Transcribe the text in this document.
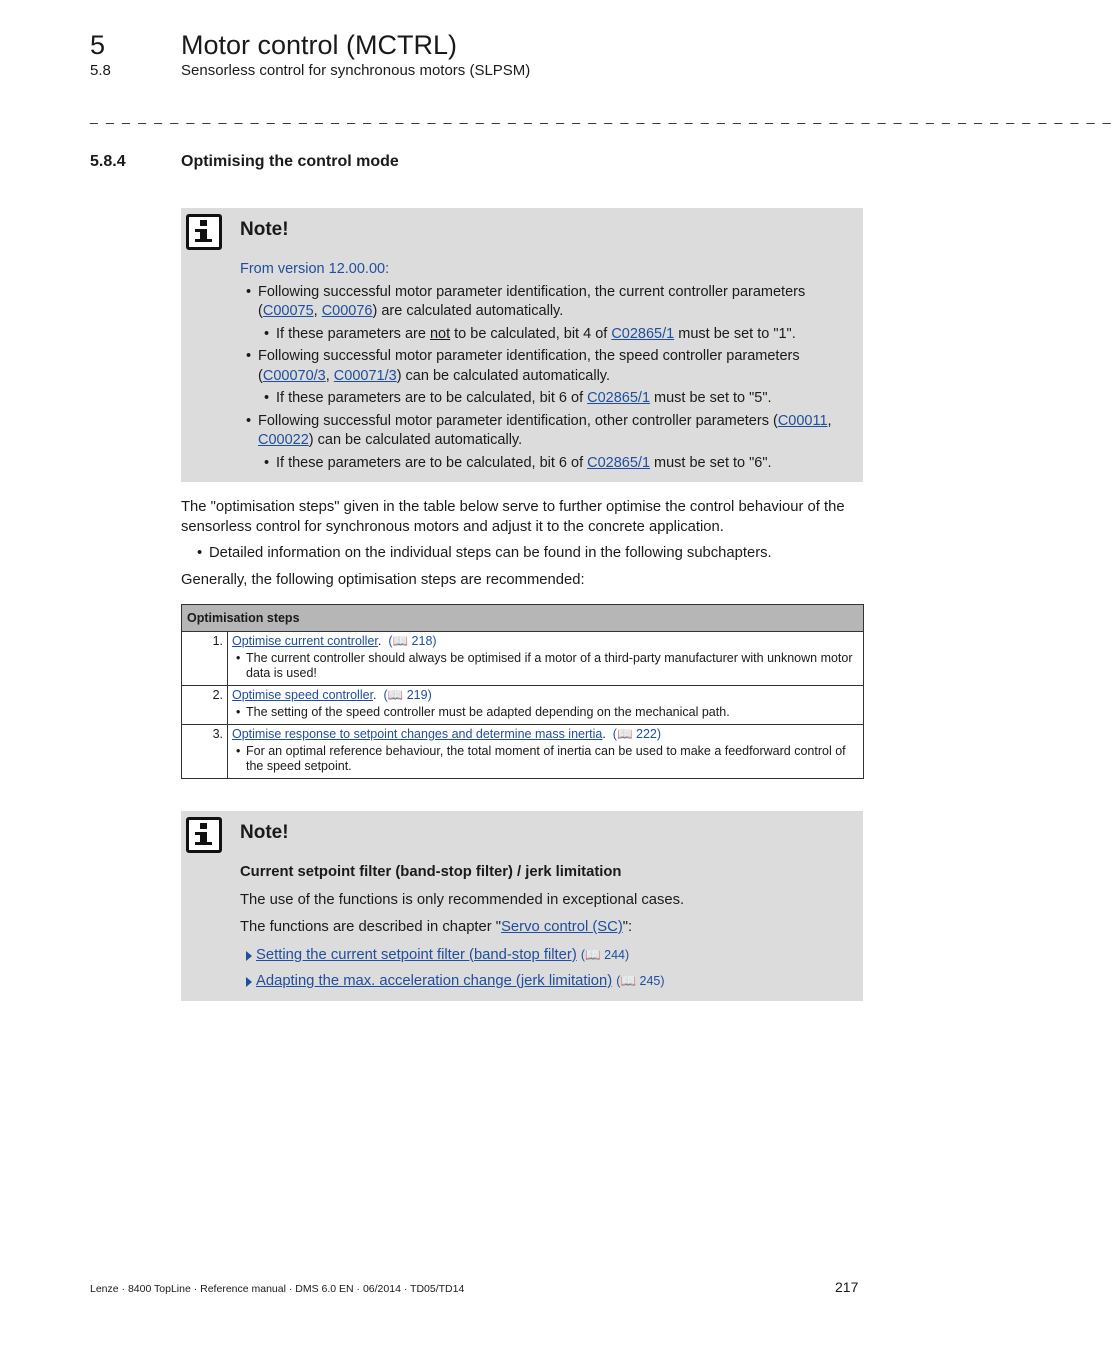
5	Motor control (MCTRL)
5.8	Sensorless control for synchronous motors (SLPSM)
_ _ _ _ _ _ _ _ _ _ _ _ _ _ _ _ _ _ _ _ _ _ _ _ _ _ _ _ _ _ _ _ _ _ _ _ _ _ _ _ _ _ _ _ _ _ _ _ _ _ _ _ _ _ _ _ _ _ _ _ _ _ _ _
5.8.4	Optimising the control mode
Note!
From version 12.00.00:
• Following successful motor parameter identification, the current controller parameters (C00075, C00076) are calculated automatically.
• If these parameters are not to be calculated, bit 4 of C02865/1 must be set to "1".
• Following successful motor parameter identification, the speed controller parameters (C00070/3, C00071/3) can be calculated automatically.
• If these parameters are to be calculated, bit 6 of C02865/1 must be set to "5".
• Following successful motor parameter identification, other controller parameters (C00011, C00022) can be calculated automatically.
• If these parameters are to be calculated, bit 6 of C02865/1 must be set to "6".
The "optimisation steps" given in the table below serve to further optimise the control behaviour of the sensorless control for synchronous motors and adjust it to the concrete application.
• Detailed information on the individual steps can be found in the following subchapters.
Generally, the following optimisation steps are recommended:
Optimisation steps	
1.	Optimise current controller.  (📖 218)
• The current controller should always be optimised if a motor of a third-party manufacturer with unknown motor data is used!

2.	Optimise speed controller.  (📖 219)
• The setting of the speed controller must be adapted depending on the mechanical path.

3.	Optimise response to setpoint changes and determine mass inertia.  (📖 222)
• For an optimal reference behaviour, the total moment of inertia can be used to make a feedforward control of the speed setpoint.
Note!
Current setpoint filter (band-stop filter) / jerk limitation
The use of the functions is only recommended in exceptional cases.
The functions are described in chapter "Servo control (SC)":
Setting the current setpoint filter (band-stop filter) (📖 244)
Adapting the max. acceleration change (jerk limitation) (📖 245)
Lenze · 8400 TopLine · Reference manual · DMS 6.0 EN · 06/2014 · TD05/TD14	217
